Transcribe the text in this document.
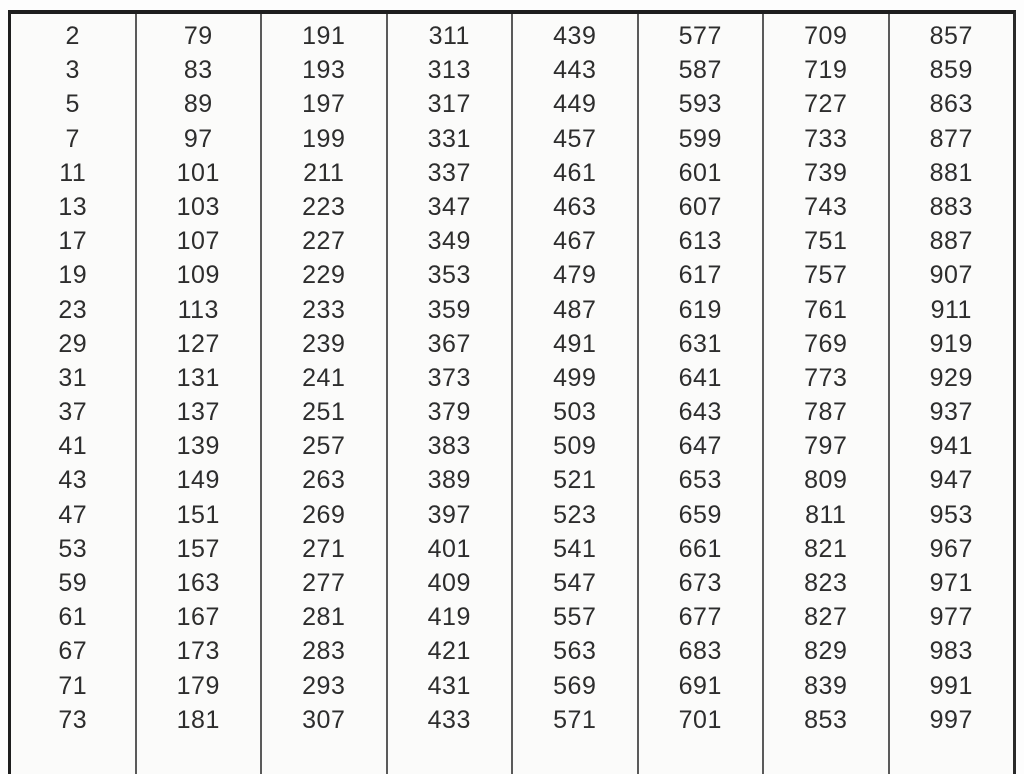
2
3
5
7
11
13
17
19
23
29
31
37
41
43
47
53
59
61
67
71
73
79
83
89
97
101
103
107
109
113
127
131
137
139
149
151
157
163
167
173
179
181
191
193
197
199
211
223
227
229
233
239
241
251
257
263
269
271
277
281
283
293
307
311
313
317
331
337
347
349
353
359
367
373
379
383
389
397
401
409
419
421
431
433
439
443
449
457
461
463
467
479
487
491
499
503
509
521
523
541
547
557
563
569
571
577
587
593
599
601
607
613
617
619
631
641
643
647
653
659
661
673
677
683
691
701
709
719
727
733
739
743
751
757
761
769
773
787
797
809
811
821
823
827
829
839
853
857
859
863
877
881
883
887
907
911
919
929
937
941
947
953
967
971
977
983
991
997
